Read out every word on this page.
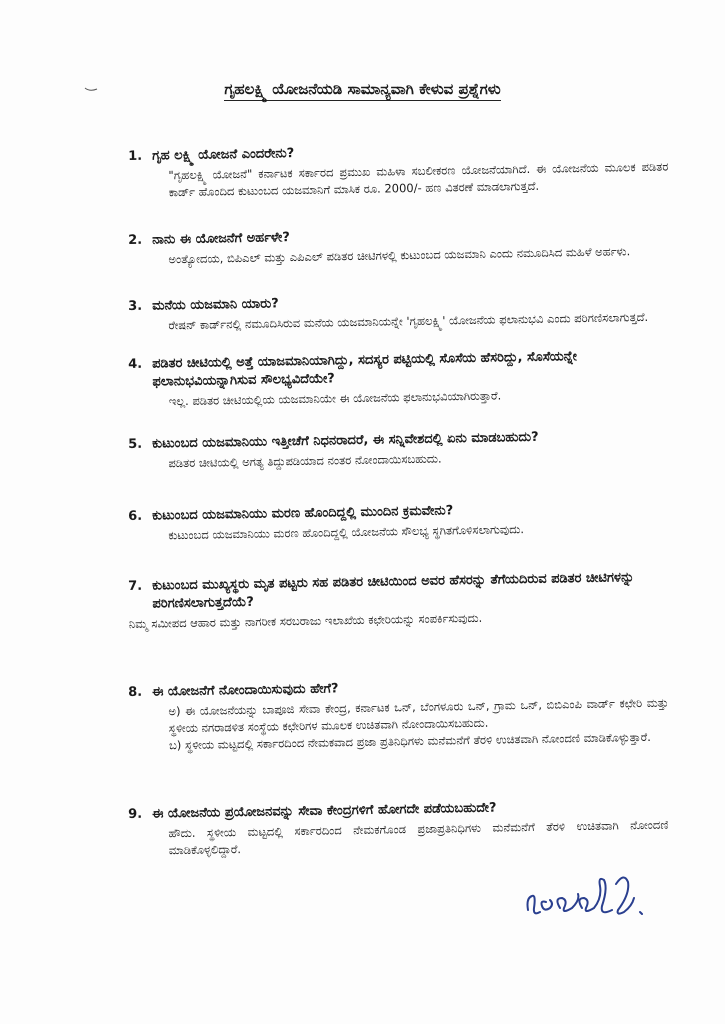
ಗೃಹಲಕ್ಷ್ಮಿ ಯೋಜನೆಯಡಿ ಸಾಮಾನ್ಯವಾಗಿ ಕೇಳುವ ಪ್ರಶ್ನೆಗಳು
1. ಗೃಹ ಲಕ್ಷ್ಮಿ ಯೋಜನೆ ಎಂದರೇನು?
"ಗೃಹಲಕ್ಷ್ಮಿ ಯೋಜನೆ" ಕರ್ನಾಟಕ ಸರ್ಕಾರದ ಪ್ರಮುಖ ಮಹಿಳಾ ಸಬಲೀಕರಣ ಯೋಜನೆಯಾಗಿದೆ. ಈ ಯೋಜನೆಯ ಮೂಲಕ ಪಡಿತರ ಕಾರ್ಡ್ ಹೊಂದಿದ ಕುಟುಂಬದ ಯಜಮಾನಿಗೆ ಮಾಸಿಕ ರೂ. 2000/- ಹಣ ವಿತರಣೆ ಮಾಡಲಾಗುತ್ತದೆ.
2. ನಾನು ಈ ಯೋಜನೆಗೆ ಅರ್ಹಳೇ?
ಅಂತ್ಯೋದಯ, ಬಿಪಿಎಲ್ ಮತ್ತು ಎಪಿಎಲ್ ಪಡಿತರ ಚೀಟಿಗಳಲ್ಲಿ ಕುಟುಂಬದ ಯಜಮಾನಿ ಎಂದು ನಮೂದಿಸಿದ ಮಹಿಳೆ ಅರ್ಹಳು.
3. ಮನೆಯ ಯಜಮಾನಿ ಯಾರು?
ರೇಷನ್ ಕಾರ್ಡ್‌ನಲ್ಲಿ ನಮೂದಿಸಿರುವ ಮನೆಯ ಯಜಮಾನಿಯನ್ನೇ 'ಗೃಹಲಕ್ಷ್ಮಿ' ಯೋಜನೆಯ ಫಲಾನುಭವಿ ಎಂದು ಪರಿಗಣಿಸಲಾಗುತ್ತದೆ.
4. ಪಡಿತರ ಚೀಟಿಯಲ್ಲಿ ಅತ್ತೆ ಯಾಜಮಾನಿಯಾಗಿದ್ದು, ಸದಸ್ಯರ ಪಟ್ಟಿಯಲ್ಲಿ ಸೊಸೆಯ ಹೆಸರಿದ್ದು, ಸೊಸೆಯನ್ನೇ ಫಲಾನುಭವಿಯನ್ನಾಗಿಸುವ ಸೌಲಭ್ಯವಿದೆಯೇ?
ಇಲ್ಲ. ಪಡಿತರ ಚೀಟಿಯಲ್ಲಿಯ ಯಜಮಾನಿಯೇ ಈ ಯೋಜನೆಯ ಫಲಾನುಭವಿಯಾಗಿರುತ್ತಾರೆ.
5. ಕುಟುಂಬದ ಯಜಮಾನಿಯು ಇತ್ತೀಚೆಗೆ ನಿಧನರಾದರೆ, ಈ ಸನ್ನಿವೇಶದಲ್ಲಿ ಏನು ಮಾಡಬಹುದು?
ಪಡಿತರ ಚೀಟಿಯಲ್ಲಿ ಅಗತ್ಯ ತಿದ್ದುಪಡಿಯಾದ ನಂತರ ನೋಂದಾಯಿಸಬಹುದು.
6. ಕುಟುಂಬದ ಯಜಮಾನಿಯು ಮರಣ ಹೊಂದಿದ್ದಲ್ಲಿ ಮುಂದಿನ ಕ್ರಮವೇನು?
ಕುಟುಂಬದ ಯಜಮಾನಿಯು ಮರಣ ಹೊಂದಿದ್ದಲ್ಲಿ ಯೋಜನೆಯ ಸೌಲಭ್ಯ ಸ್ಥಗಿತಗೊಳಿಸಲಾಗುವುದು.
7. ಕುಟುಂಬದ ಮುಖ್ಯಸ್ಥರು ಮೃತ ಪಟ್ಟರು ಸಹ ಪಡಿತರ ಚೀಟಿಯಿಂದ ಅವರ ಹೆಸರನ್ನು ತೆಗೆಯದಿರುವ ಪಡಿತರ ಚೀಟಿಗಳನ್ನು ಪರಿಗಣಿಸಲಾಗುತ್ತದೆಯೆ?
ನಿಮ್ಮ ಸಮೀಪದ ಆಹಾರ ಮತ್ತು ನಾಗರೀಕ ಸರಬರಾಜು ಇಲಾಖೆಯ ಕಛೇರಿಯನ್ನು ಸಂಪರ್ಕಿಸುವುದು.
8. ಈ ಯೋಜನೆಗೆ ನೋಂದಾಯಿಸುವುದು ಹೇಗೆ?

ಅ) ಈ ಯೋಜನೆಯನ್ನು ಬಾಪೂಜಿ ಸೇವಾ ಕೇಂದ್ರ, ಕರ್ನಾಟಕ ಒನ್, ಬೆಂಗಳೂರು ಒನ್, ಗ್ರಾಮ ಒನ್, ಬಿಬಿಎಂಪಿ ವಾರ್ಡ್ ಕಛೇರಿ ಮತ್ತು ಸ್ಥಳೀಯ ನಗರಾಡಳಿತ ಸಂಸ್ಥೆಯ ಕಛೇರಿಗಳ ಮೂಲಕ ಉಚಿತವಾಗಿ ನೋಂದಾಯಿಸಬಹುದು.

ಬ) ಸ್ಥಳೀಯ ಮಟ್ಟದಲ್ಲಿ ಸರ್ಕಾರದಿಂದ ನೇಮಕವಾದ ಪ್ರಜಾ ಪ್ರತಿನಿಧಿಗಳು ಮನೆಮನೆಗೆ ತೆರಳಿ ಉಚಿತವಾಗಿ ನೋಂದಣಿ ಮಾಡಿಕೊಳ್ಳುತ್ತಾರೆ.

9. ಈ ಯೋಜನೆಯ ಪ್ರಯೋಜನವನ್ನು ಸೇವಾ ಕೇಂದ್ರಗಳಿಗೆ ಹೋಗದೇ ಪಡೆಯಬಹುದೇ?
ಹೌದು. ಸ್ಥಳೀಯ ಮಟ್ಟದಲ್ಲಿ ಸರ್ಕಾರದಿಂದ ನೇಮಕಗೊಂಡ ಪ್ರಜಾಪ್ರತಿನಿಧಿಗಳು ಮನೆಮನೆಗೆ ತೆರಳಿ ಉಚಿತವಾಗಿ ನೋಂದಣಿ ಮಾಡಿಕೊಳ್ಳಲಿದ್ದಾರೆ.
